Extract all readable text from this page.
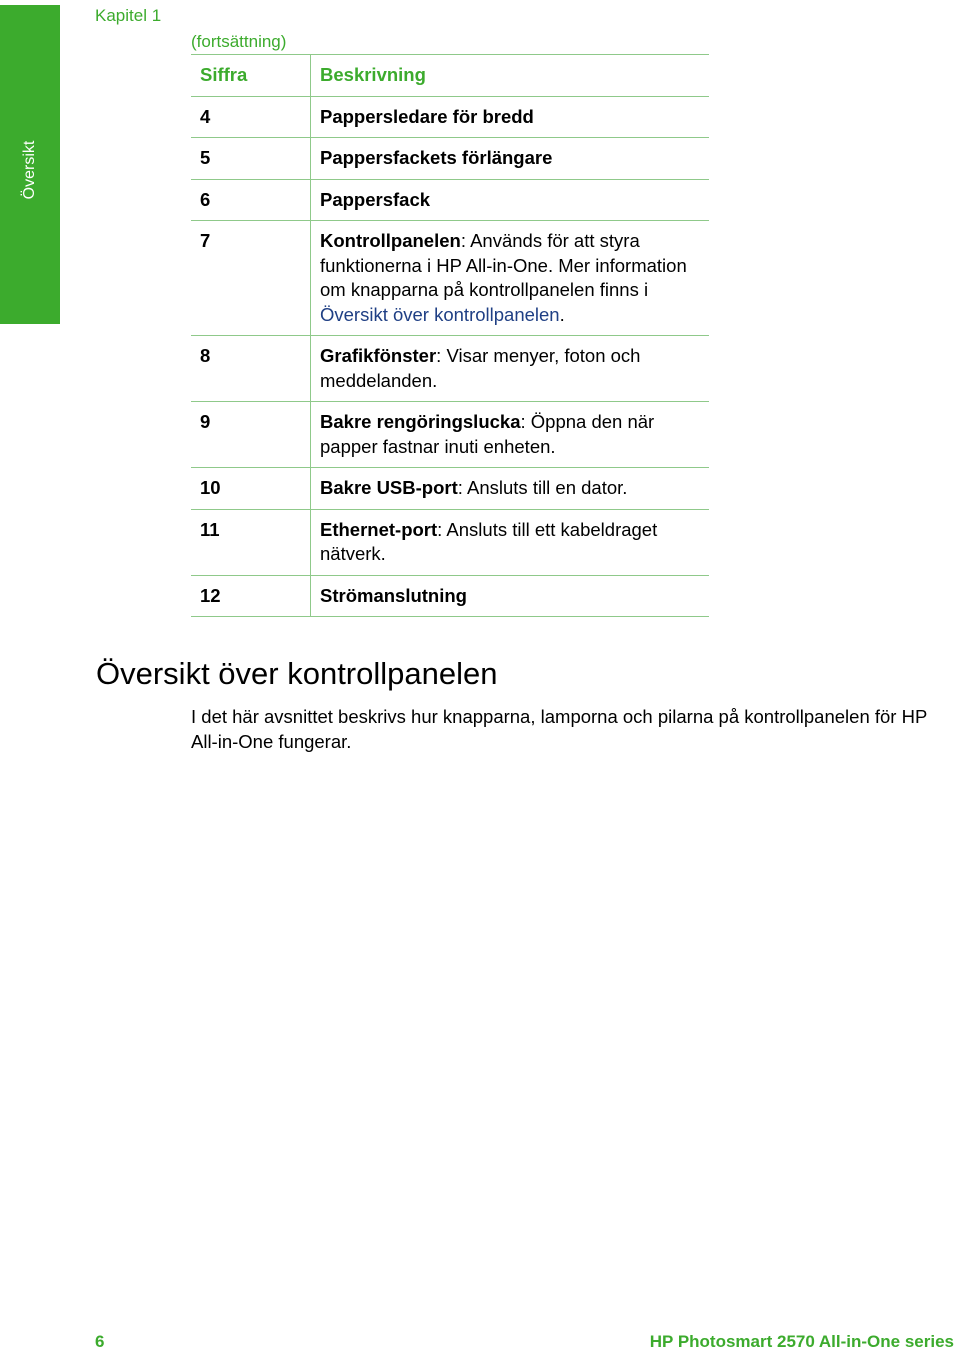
Översikt
Kapitel 1
(fortsättning)
Siffra	Beskrivning
4	Pappersledare för bredd
5	Pappersfackets förlängare
6	Pappersfack
7	Kontrollpanelen: Används för att styra funktionerna i HP All-in-One. Mer information om knapparna på kontrollpanelen finns i Översikt över kontrollpanelen.
8	Grafikfönster: Visar menyer, foton och meddelanden.
9	Bakre rengöringslucka: Öppna den när papper fastnar inuti enheten.
10	Bakre USB-port: Ansluts till en dator.
11	Ethernet-port: Ansluts till ett kabeldraget nätverk.
12	Strömanslutning
Översikt över kontrollpanelen

I det här avsnittet beskrivs hur knapparna, lamporna och pilarna på kontrollpanelen för HP All-in-One fungerar.

6	HP Photosmart 2570 All-in-One series
